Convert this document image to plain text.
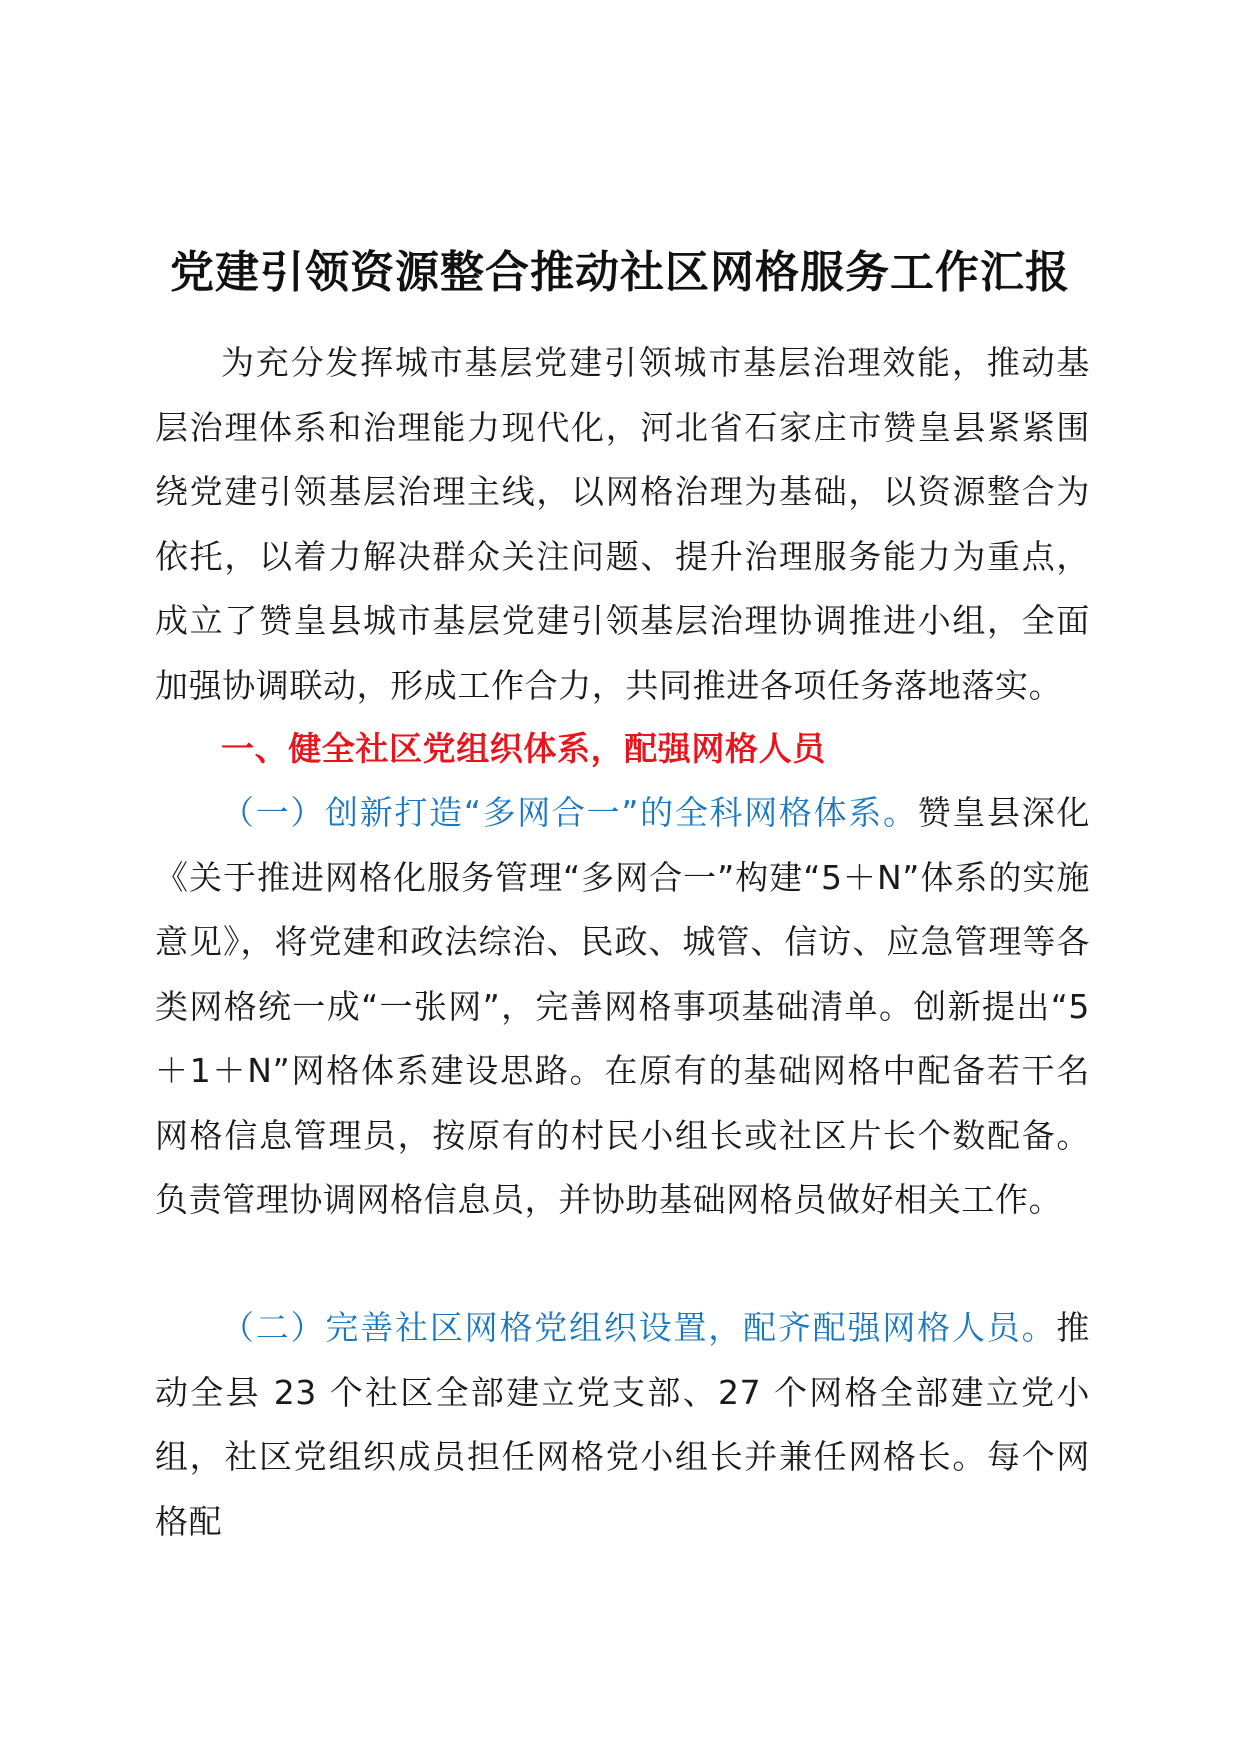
党建引领资源整合推动社区网格服务工作汇报

为充分发挥城市基层党建引领城市基层治理效能，推动基层治理体系和治理能力现代化，河北省石家庄市赞皇县紧紧围绕党建引领基层治理主线，以网格治理为基础，以资源整合为依托，以着力解决群众关注问题、提升治理服务能力为重点，成立了赞皇县城市基层党建引领基层治理协调推进小组，全面加强协调联动，形成工作合力，共同推进各项任务落地落实。

一、健全社区党组织体系，配强网格人员

（一）创新打造“多网合一”的全科网格体系。赞皇县深化《关于推进网格化服务管理“多网合一”构建“5＋N”体系的实施意见》，将党建和政法综治、民政、城管、信访、应急管理等各类网格统一成“一张网”，完善网格事项基础清单。创新提出“5＋1＋N”网格体系建设思路。在原有的基础网格中配备若干名网格信息管理员，按原有的村民小组长或社区片长个数配备。负责管理协调网格信息员，并协助基础网格员做好相关工作。

（二）完善社区网格党组织设置，配齐配强网格人员。推动全县 23 个社区全部建立党支部、27 个网格全部建立党小组，社区党组织成员担任网格党小组长并兼任网格长。每个网格配
